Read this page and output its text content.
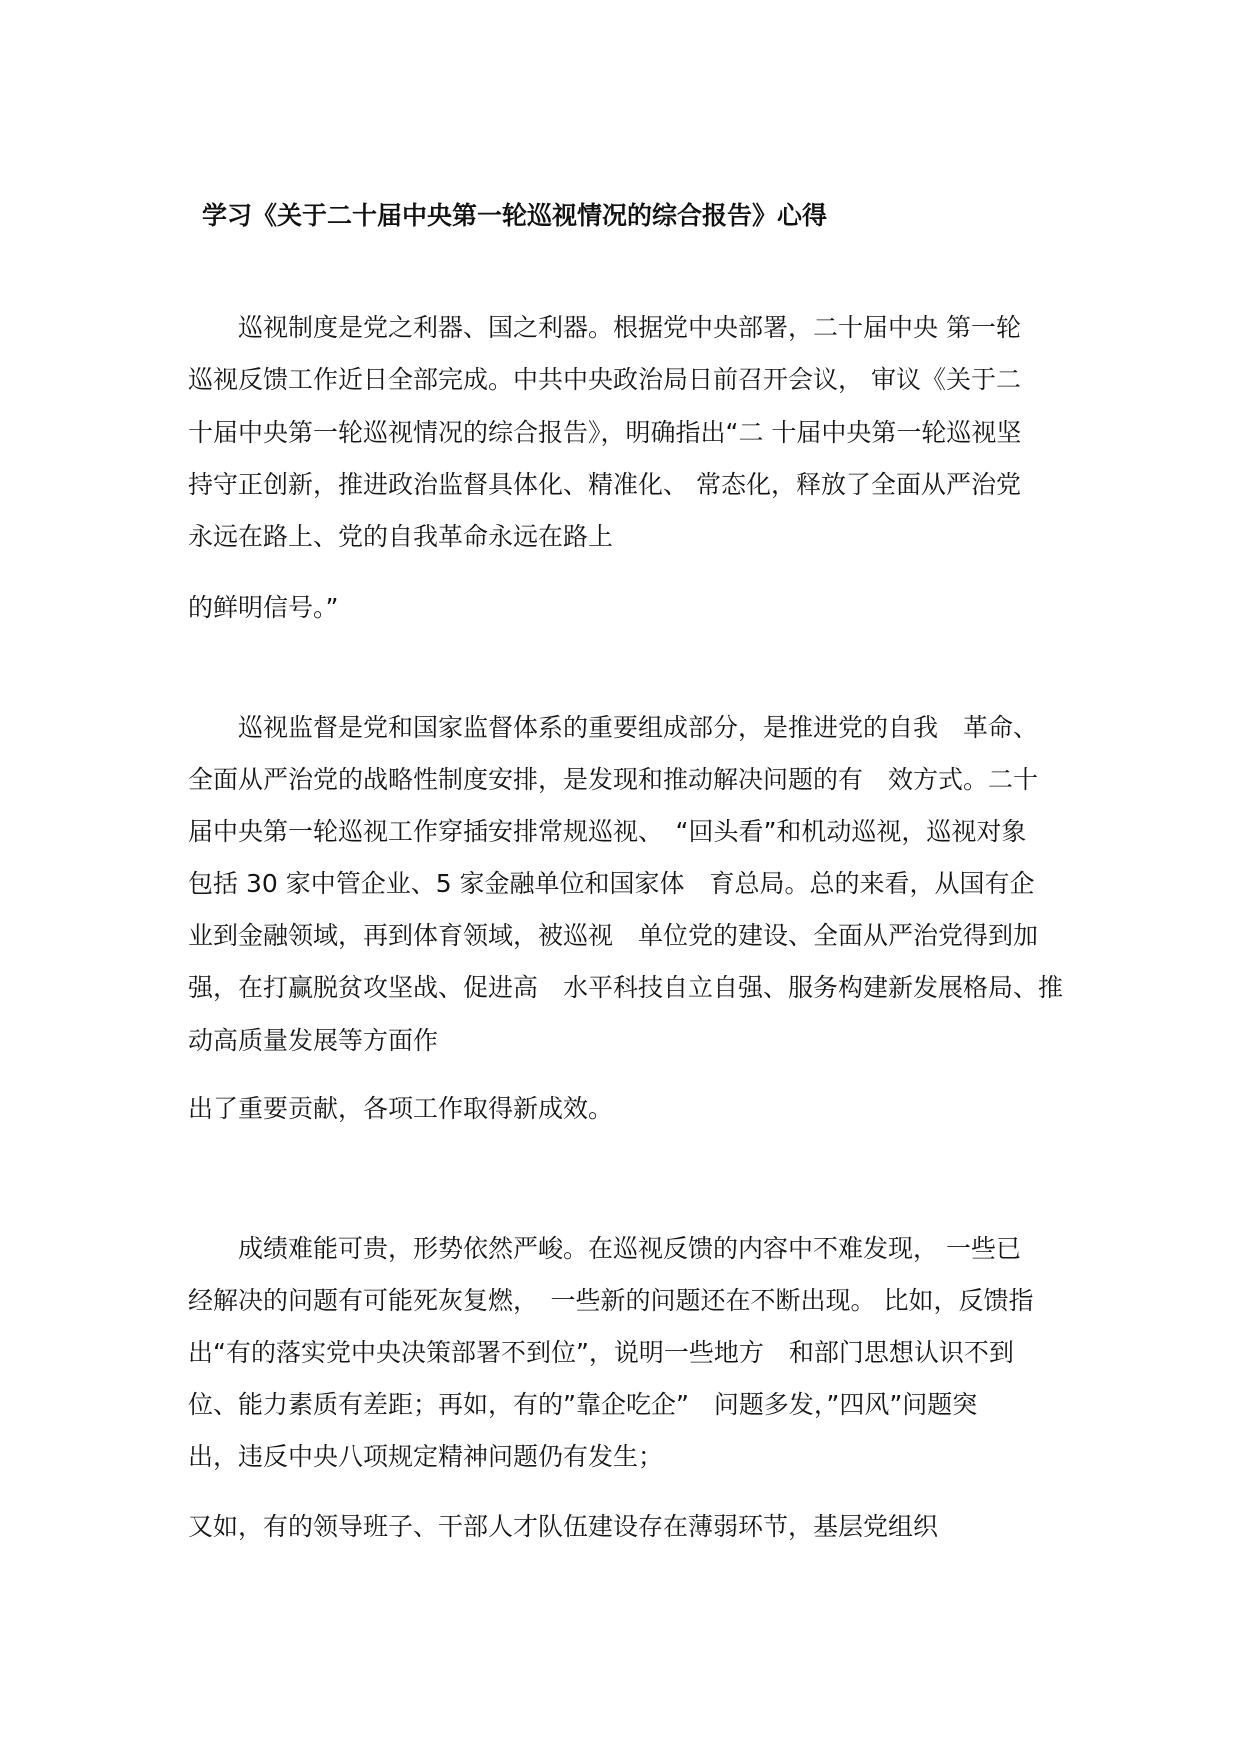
学习《关于二十届中央第一轮巡视情况的综合报告》心得
巡视制度是党之利器、国之利器。根据党中央部署，二十届中央 第一轮
巡视反馈工作近日全部完成。中共中央政治局日前召开会议， 审议《关于二
十届中央第一轮巡视情况的综合报告》，明确指出“二 十届中央第一轮巡视坚
持守正创新，推进政治监督具体化、精准化、 常态化，释放了全面从严治党
永远在路上、党的自我革命永远在路上
的鲜明信号。”
巡视监督是党和国家监督体系的重要组成部分，是推进党的自我　革命、
全面从严治党的战略性制度安排，是发现和推动解决问题的有　效方式。二十
届中央第一轮巡视工作穿插安排常规巡视、　“回头看”和机动巡视，巡视对象
包括 30 家中管企业、5 家金融单位和国家体　育总局。总的来看，从国有企
业到金融领域，再到体育领域，被巡视　单位党的建设、全面从严治党得到加
强，在打赢脱贫攻坚战、促进高　水平科技自立自强、服务构建新发展格局、推
动高质量发展等方面作
出了重要贡献，各项工作取得新成效。
成绩难能可贵，形势依然严峻。在巡视反馈的内容中不难发现， 一些已
经解决的问题有可能死灰复燃，　一些新的问题还在不断出现。 比如，反馈指
出“有的落实党中央决策部署不到位”，说明一些地方　和部门思想认识不到
位、能力素质有差距；再如，有的”靠企吃企”　问题多发，”四风”问题突
出，违反中央八项规定精神问题仍有发生；
又如，有的领导班子、干部人才队伍建设存在薄弱环节，基层党组织
